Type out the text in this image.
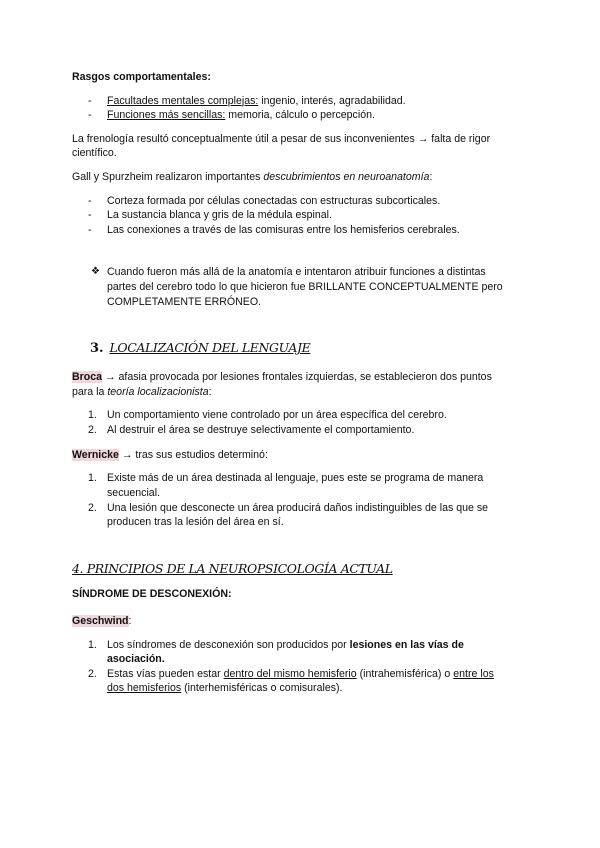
Rasgos comportamentales:

- Facultades mentales complejas: ingenio, interés, agradabilidad.
- Funciones más sencillas: memoria, cálculo o percepción.

La frenología resultó conceptualmente útil a pesar de sus inconvenientes → falta de rigor
científico.

Gall y Spurzheim realizaron importantes descubrimientos en neuroanatomía:

- Corteza formada por células conectadas con estructuras subcorticales.
- La sustancia blanca y gris de la médula espinal.
- Las conexiones a través de las comisuras entre los hemisferios cerebrales.
❖ Cuando fueron más allá de la anatomía e intentaron atribuir funciones a distintas
partes del cerebro todo lo que hicieron fue BRILLANTE CONCEPTUALMENTE pero
COMPLETAMENTE ERRÓNEO.

3. LOCALIZACIÓN DEL LENGUAJE

Broca → afasia provocada por lesiones frontales izquierdas, se establecieron dos puntos
para la teoría localizacionista:

1. Un comportamiento viene controlado por un área específica del cerebro.
2. Al destruir el área se destruye selectivamente el comportamiento.

Wernicke → tras sus estudios determinó:

1. Existe más de un área destinada al lenguaje, pues este se programa de manera
secuencial.
2. Una lesión que desconecte un área producirá daños indistinguibles de las que se
producen tras la lesión del área en sí.

4. PRINCIPIOS DE LA NEUROPSICOLOGÍA ACTUAL

SÍNDROME DE DESCONEXIÓN:

Geschwind:

1. Los síndromes de desconexión son producidos por lesiones en las vías de
asociación.
2. Estas vías pueden estar dentro del mismo hemisferio (intrahemisférica) o entre los
dos hemisferios (interhemisféricas o comisurales).
